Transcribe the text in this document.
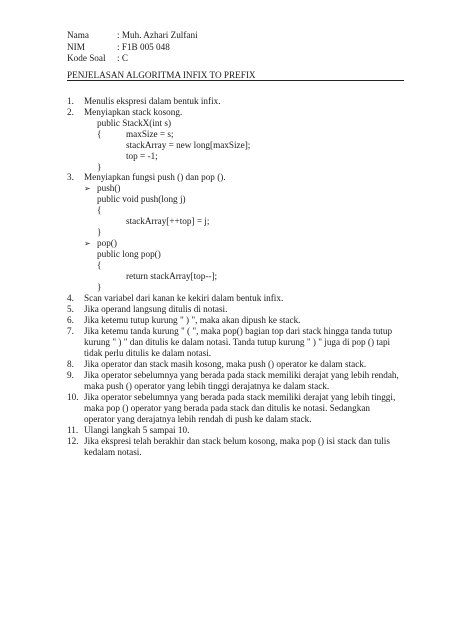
Nama	: Muh. Azhari Zulfani
NIM	: F1B 005 048
Kode Soal : C
PENJELASAN ALGORITMA INFIX TO PREFIX
1. Menulis ekspresi dalam bentuk infix.
2. Menyiapkan stack kosong.
public StackX(int s)
{	maxSize = s;
stackArray = new long[maxSize];
top = -1;
}
3. Menyiapkan fungsi push () dan pop ().
➢ push()
public void push(long j)
{
stackArray[++top] = j;
}
➢ pop()
public long pop()
{
return stackArray[top--];
}
4. Scan variabel dari kanan ke kekiri dalam bentuk infix.
5. Jika operand langsung ditulis di notasi.
6. Jika ketemu tutup kurung " ) ", maka akan dipush ke stack.
7. Jika ketemu tanda kurung " ( ", maka pop() bagian top dari stack hingga tanda tutup
kurung " ) " dan ditulis ke dalam notasi. Tanda tutup kurung " ) " juga di pop () tapi
tidak perlu ditulis ke dalam notasi.
8. Jika operator dan stack masih kosong, maka push () operator ke dalam stack.
9. Jika operator sebelumnya yang berada pada stack memiliki derajat yang lebih rendah,
maka push () operator yang lebih tinggi derajatnya ke dalam stack.
10. Jika operator sebelumnya yang berada pada stack memiliki derajat yang lebih tinggi,
maka pop () operator yang berada pada stack dan ditulis ke notasi. Sedangkan
operator yang derajatnya lebih rendah di push ke dalam stack.
11. Ulangi langkah 5 sampai 10.
12. Jika ekspresi telah berakhir dan stack belum kosong, maka pop () isi stack dan tulis
kedalam notasi.
